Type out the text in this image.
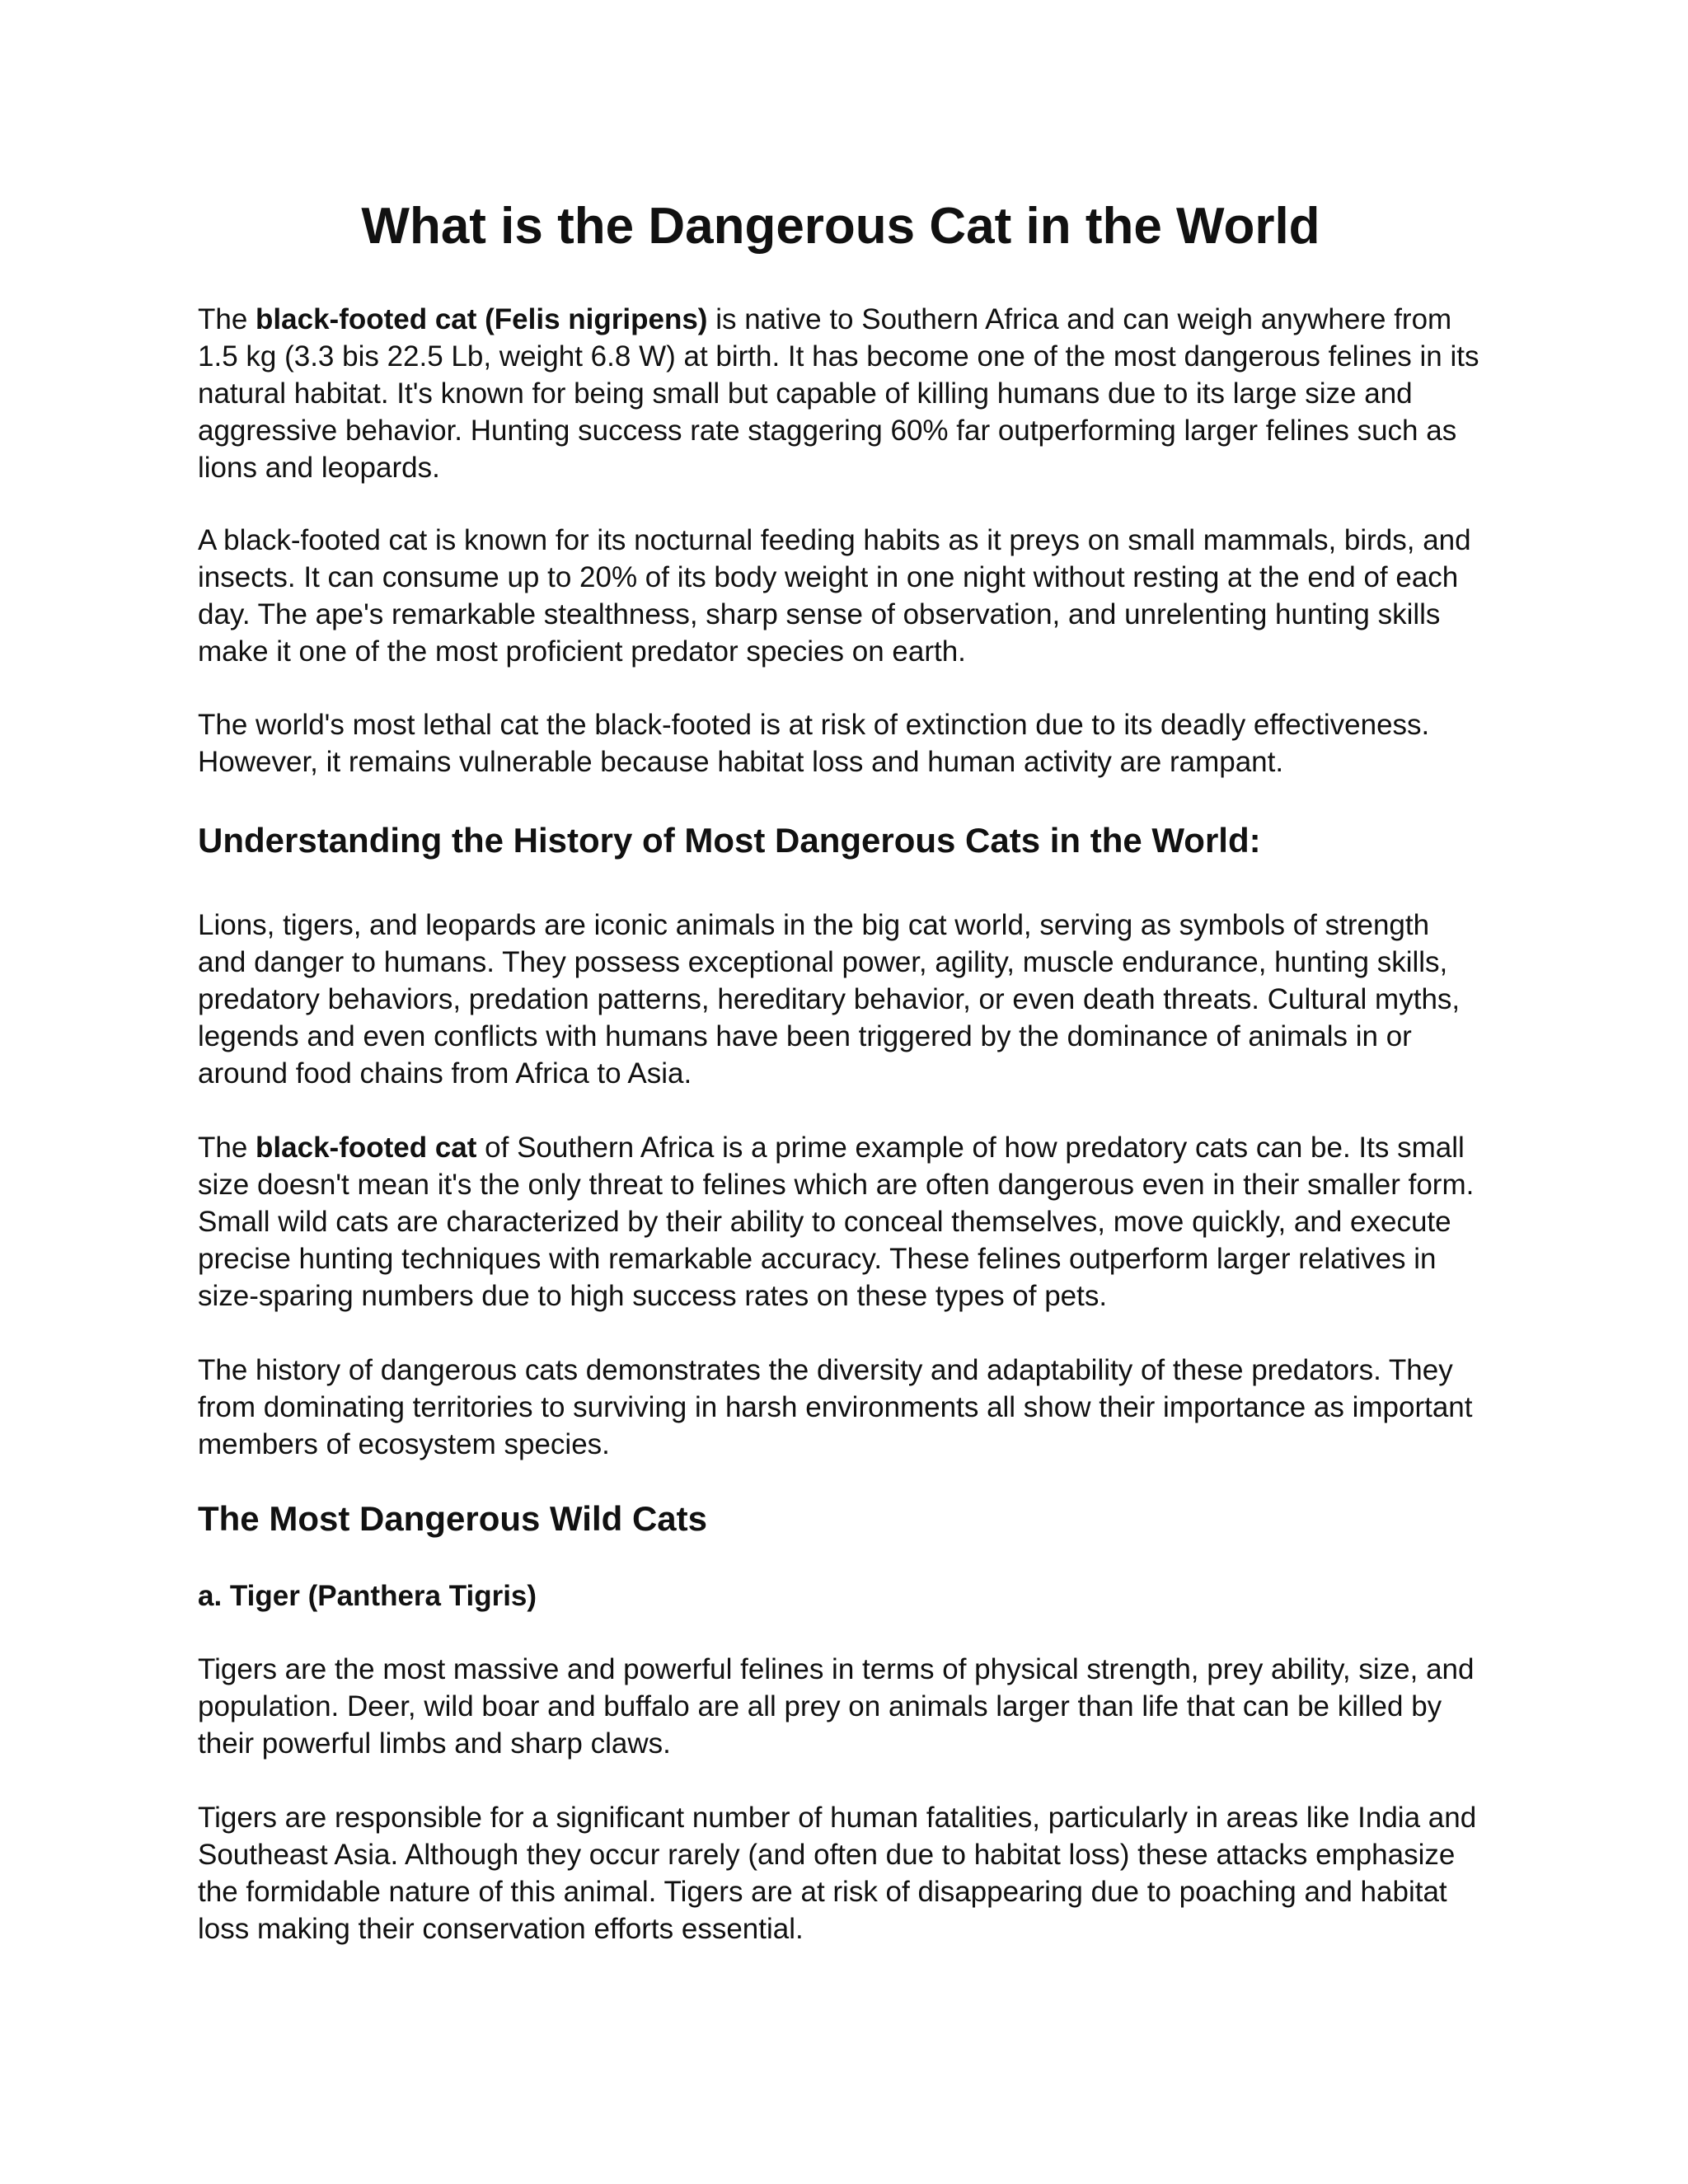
What is the Dangerous Cat in the World

The black-footed cat (Felis nigripens) is native to Southern Africa and can weigh anywhere from 1.5 kg (3.3 bis 22.5 Lb, weight 6.8 W) at birth. It has become one of the most dangerous felines in its natural habitat. It's known for being small but capable of killing humans due to its large size and aggressive behavior. Hunting success rate staggering 60% far outperforming larger felines such as lions and leopards.

A black-footed cat is known for its nocturnal feeding habits as it preys on small mammals, birds, and insects. It can consume up to 20% of its body weight in one night without resting at the end of each day. The ape's remarkable stealthness, sharp sense of observation, and unrelenting hunting skills make it one of the most proficient predator species on earth.

The world's most lethal cat the black-footed is at risk of extinction due to its deadly effectiveness. However, it remains vulnerable because habitat loss and human activity are rampant.

Understanding the History of Most Dangerous Cats in the World:

Lions, tigers, and leopards are iconic animals in the big cat world, serving as symbols of strength and danger to humans. They possess exceptional power, agility, muscle endurance, hunting skills, predatory behaviors, predation patterns, hereditary behavior, or even death threats. Cultural myths, legends and even conflicts with humans have been triggered by the dominance of animals in or around food chains from Africa to Asia.

The black-footed cat of Southern Africa is a prime example of how predatory cats can be. Its small size doesn't mean it's the only threat to felines which are often dangerous even in their smaller form. Small wild cats are characterized by their ability to conceal themselves, move quickly, and execute precise hunting techniques with remarkable accuracy. These felines outperform larger relatives in size-sparing numbers due to high success rates on these types of pets.

The history of dangerous cats demonstrates the diversity and adaptability of these predators. They from dominating territories to surviving in harsh environments all show their importance as important members of ecosystem species.

The Most Dangerous Wild Cats
a. Tiger (Panthera Tigris)

Tigers are the most massive and powerful felines in terms of physical strength, prey ability, size, and population. Deer, wild boar and buffalo are all prey on animals larger than life that can be killed by their powerful limbs and sharp claws.

Tigers are responsible for a significant number of human fatalities, particularly in areas like India and Southeast Asia. Although they occur rarely (and often due to habitat loss) these attacks emphasize the formidable nature of this animal. Tigers are at risk of disappearing due to poaching and habitat loss making their conservation efforts essential.
